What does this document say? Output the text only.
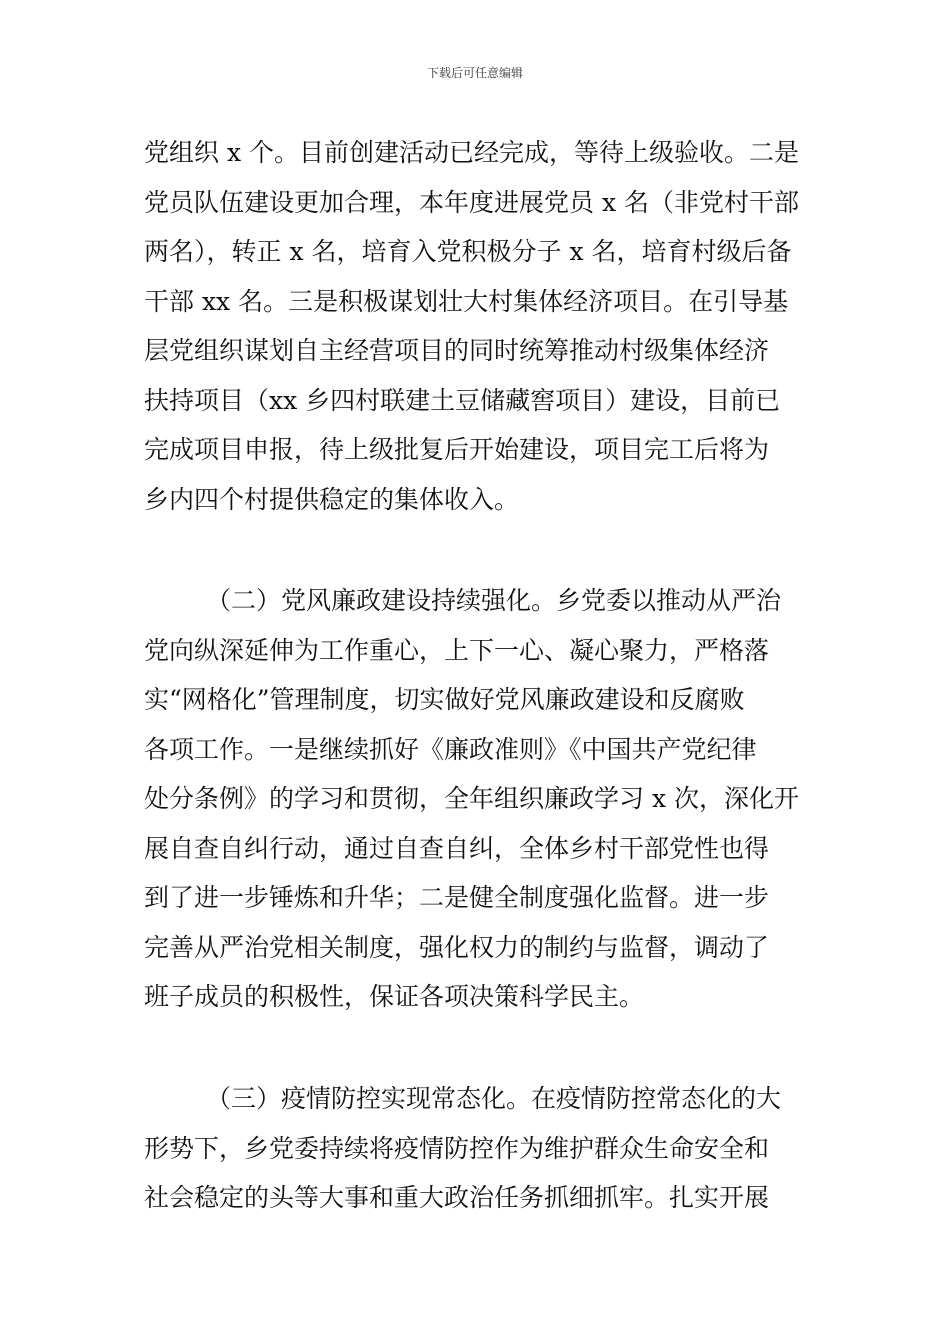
下载后可任意编辑
党组织 x 个。目前创建活动已经完成，等待上级验收。二是
党员队伍建设更加合理，本年度进展党员 x 名（非党村干部
两名），转正 x 名，培育入党积极分子 x 名，培育村级后备
干部 xx 名。三是积极谋划壮大村集体经济项目。在引导基
层党组织谋划自主经营项目的同时统筹推动村级集体经济
扶持项目（xx 乡四村联建土豆储藏窖项目）建设，目前已
完成项目申报，待上级批复后开始建设，项目完工后将为
乡内四个村提供稳定的集体收入。
（二）党风廉政建设持续强化。乡党委以推动从严治
党向纵深延伸为工作重心，上下一心、凝心聚力，严格落
实“网格化”管理制度，切实做好党风廉政建设和反腐败
各项工作。一是继续抓好《廉政准则》《中国共产党纪律
处分条例》的学习和贯彻，全年组织廉政学习 x 次，深化开
展自查自纠行动，通过自查自纠，全体乡村干部党性也得
到了进一步锤炼和升华；二是健全制度强化监督。进一步
完善从严治党相关制度，强化权力的制约与监督，调动了
班子成员的积极性，保证各项决策科学民主。
（三）疫情防控实现常态化。在疫情防控常态化的大
形势下，乡党委持续将疫情防控作为维护群众生命安全和
社会稳定的头等大事和重大政治任务抓细抓牢。扎实开展
